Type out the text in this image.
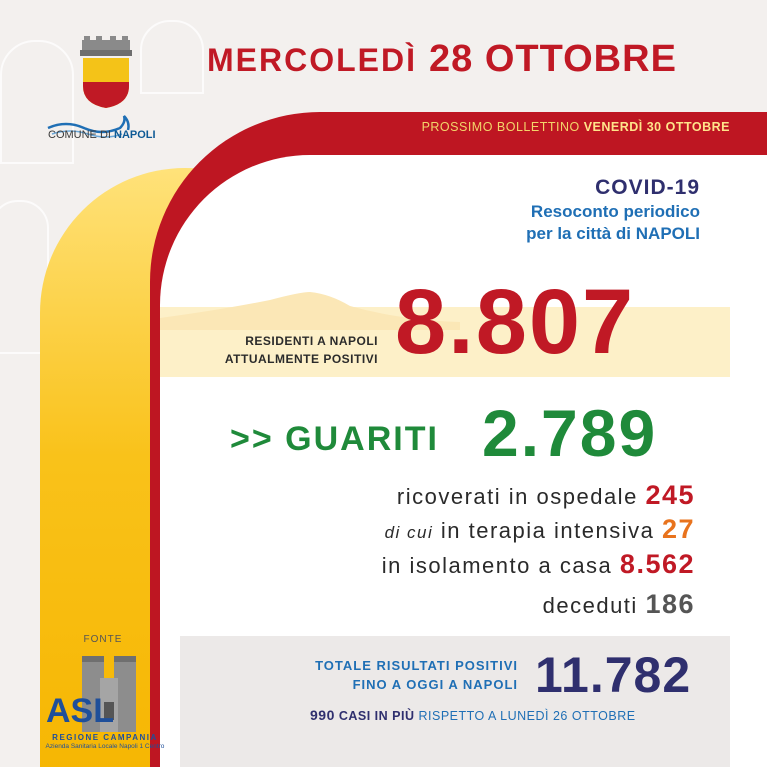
MERCOLEDÌ 28 OTTOBRE
PROSSIMO BOLLETTINO VENERDÌ 30 OTTOBRE
COMUNE DI NAPOLI
COVID-19
Resoconto periodico
per la città di NAPOLI
RESIDENTI A NAPOLI
ATTUALMENTE POSITIVI 8.807
>> GUARITI 2.789
ricoverati in ospedale 245
di cui in terapia intensiva 27
in isolamento a casa 8.562
deceduti 186
TOTALE RISULTATI POSITIVI
FINO A OGGI A NAPOLI 11.782
990 CASI IN PIÙ RISPETTO A LUNEDÌ 26 OTTOBRE
FONTE
ASL
REGIONE CAMPANIA
Azienda Sanitaria Locale Napoli 1 Centro
